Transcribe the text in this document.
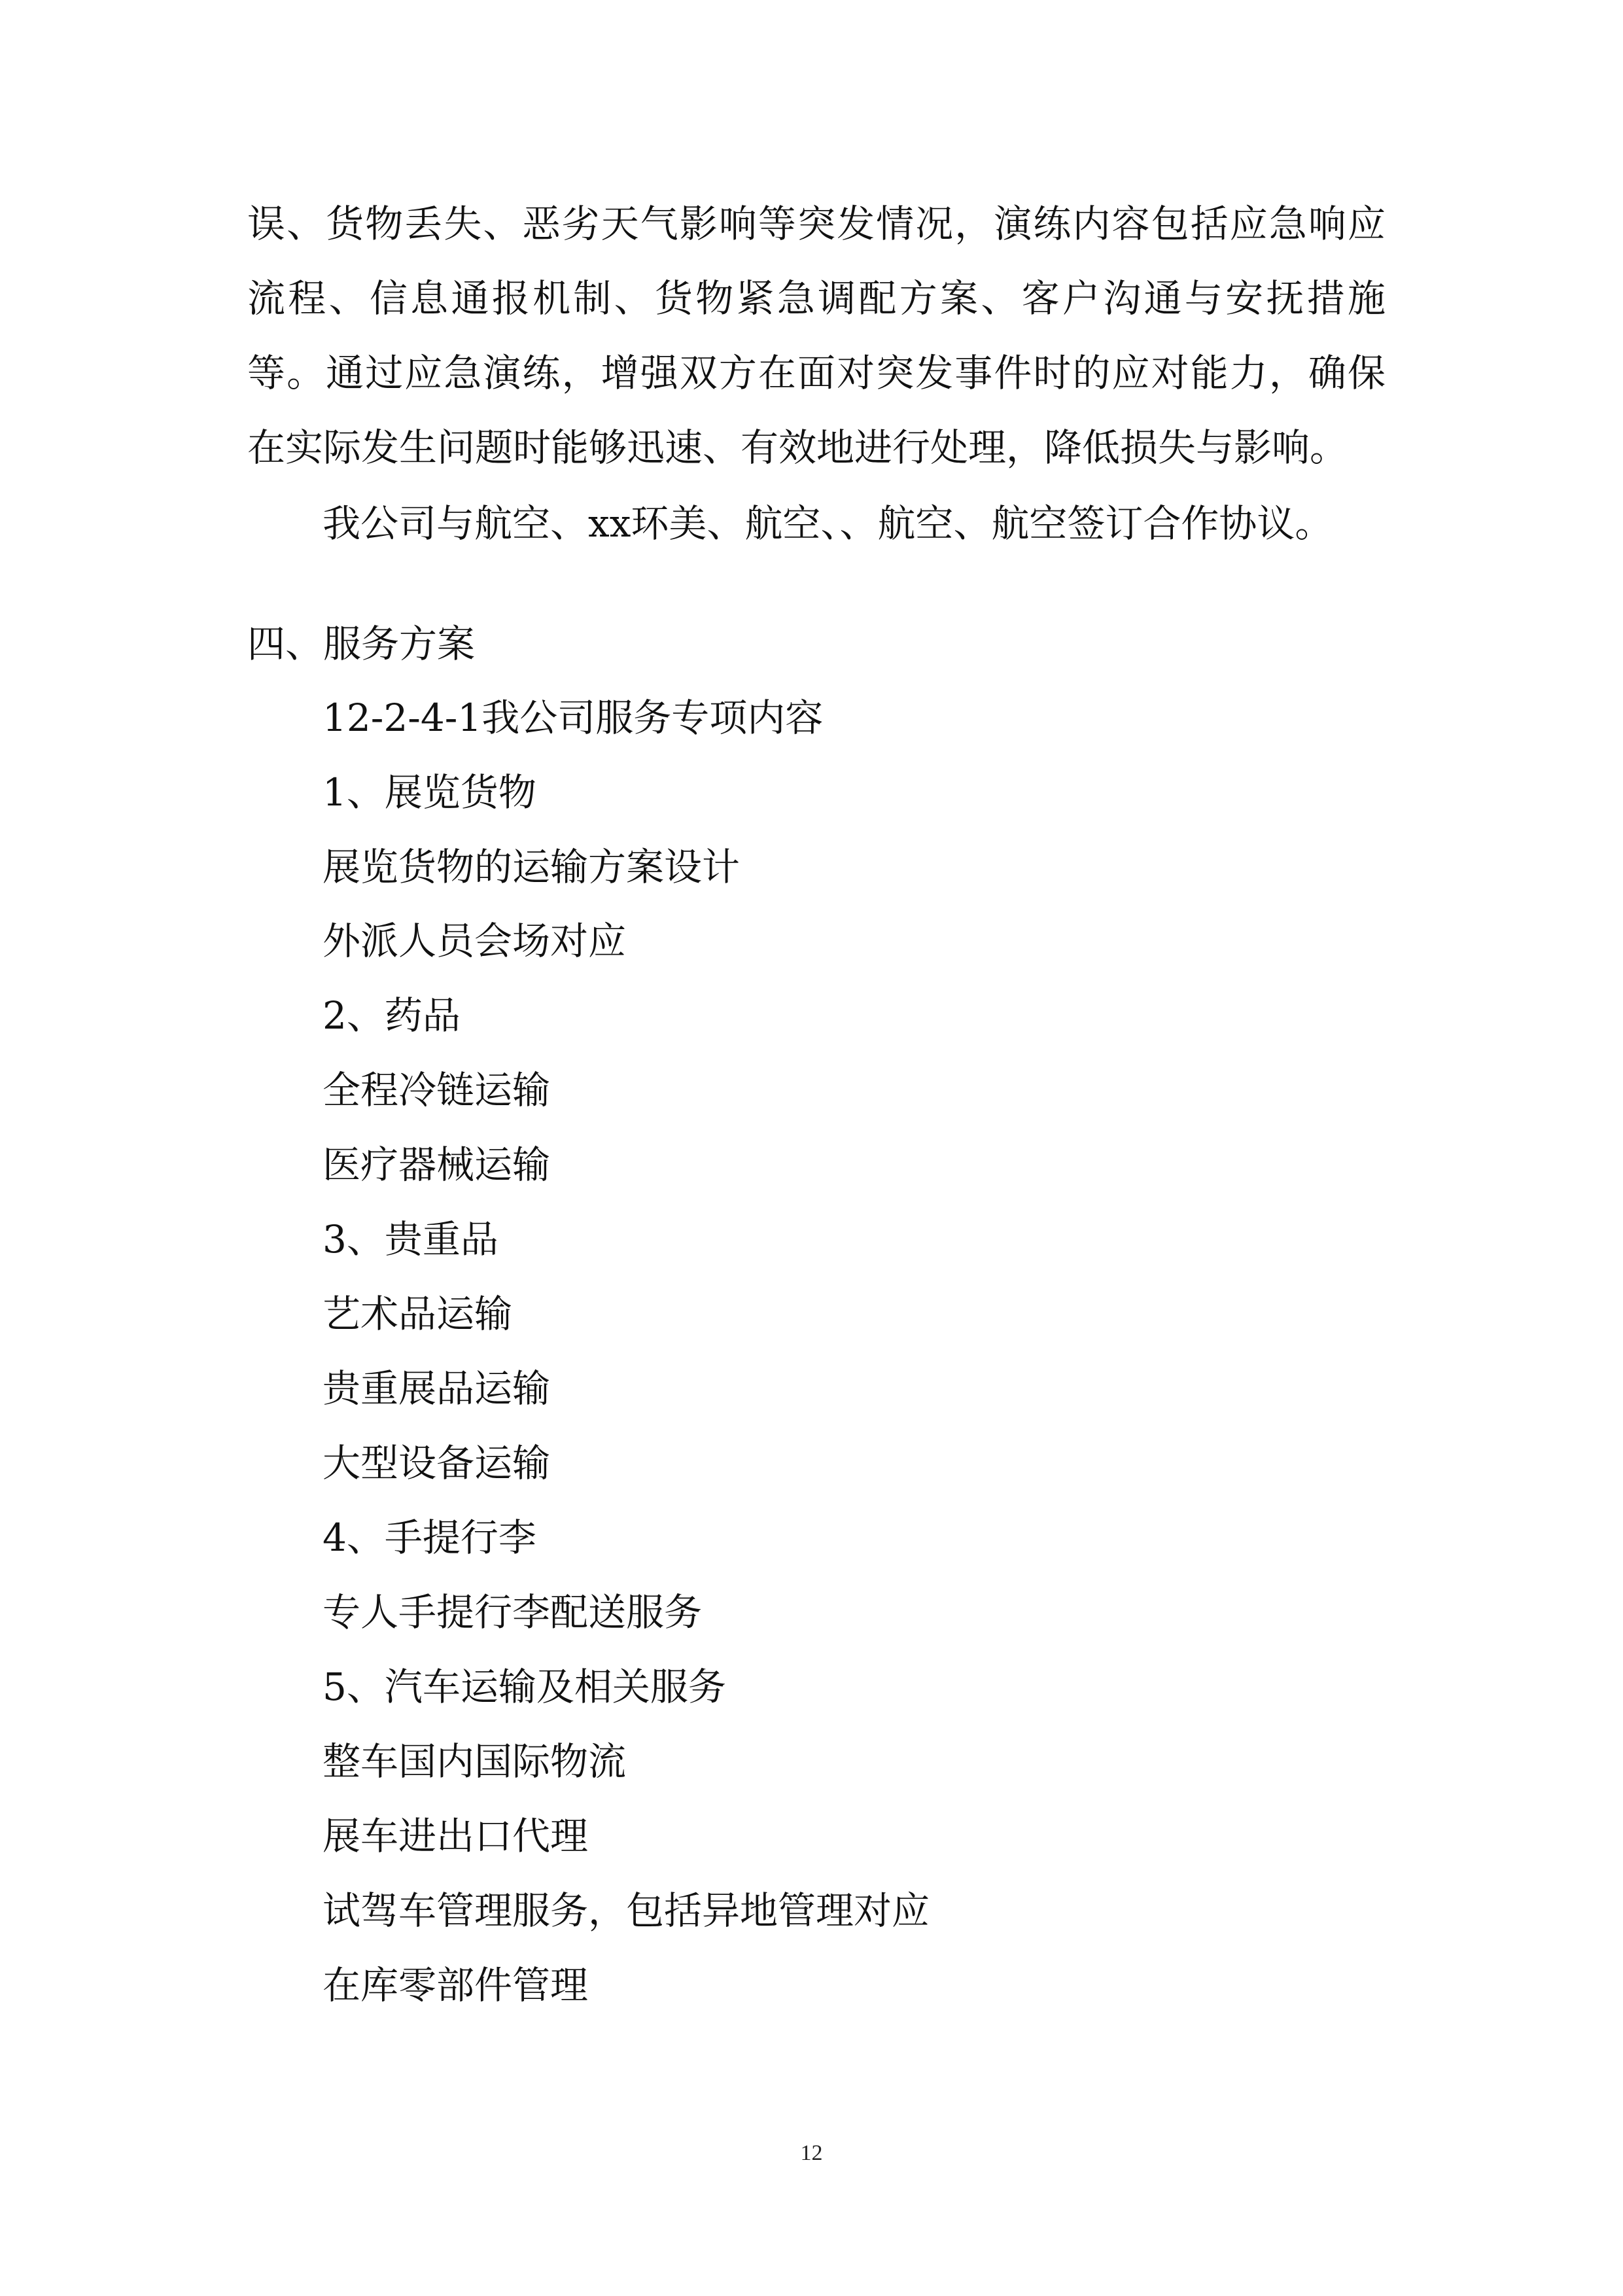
误、货物丢失、恶劣天气影响等突发情况，演练内容包括应急响应
流程、信息通报机制、货物紧急调配方案、客户沟通与安抚措施
等。通过应急演练，增强双方在面对突发事件时的应对能力，确保
在实际发生问题时能够迅速、有效地进行处理，降低损失与影响。

我公司与航空、xx环美、航空、、航空、航空签订合作协议。

四、服务方案

12-2-4-1我公司服务专项内容

1、展览货物

展览货物的运输方案设计

外派人员会场对应

2、药品

全程冷链运输

医疗器械运输

3、贵重品

艺术品运输

贵重展品运输

大型设备运输

4、手提行李

专人手提行李配送服务

5、汽车运输及相关服务

整车国内国际物流

展车进出口代理

试驾车管理服务，包括异地管理对应

在库零部件管理

12
